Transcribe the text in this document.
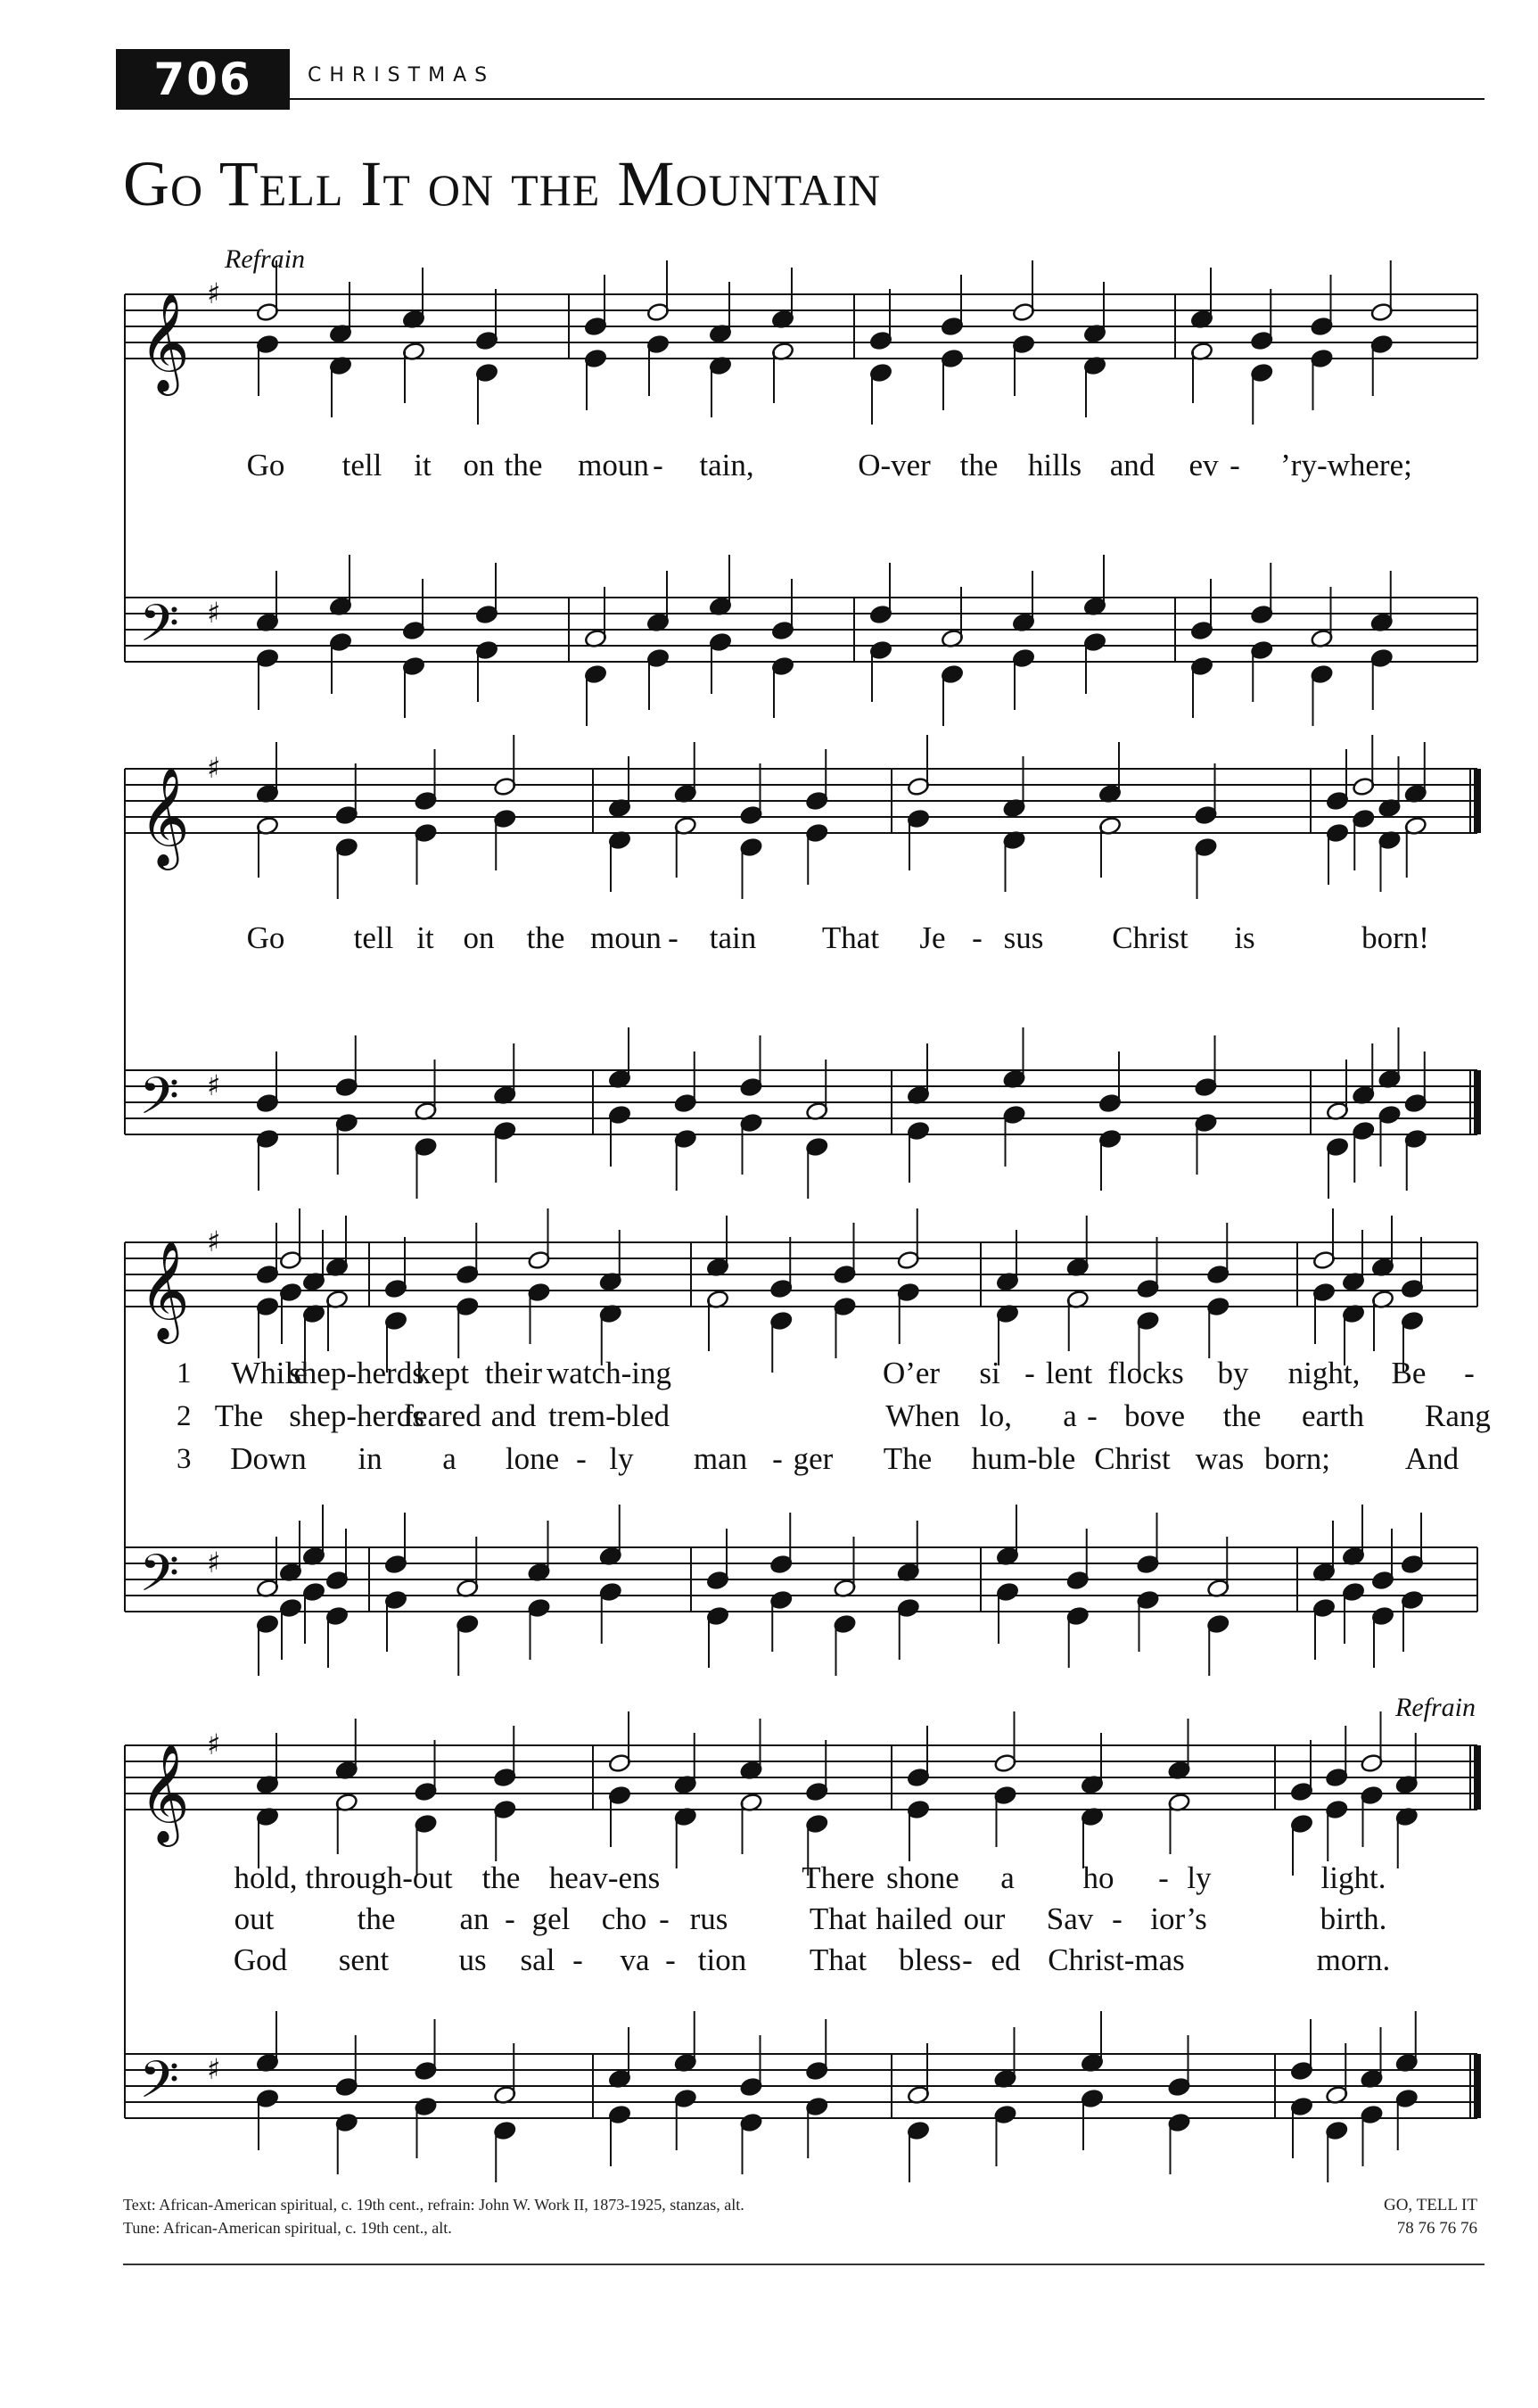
706	CHRISTMAS
Go Tell It on the Mountain
Refrain
Refrain
𝄞
𝄢
♯
♯
𝄞
𝄢
♯
♯
𝄞
𝄢
♯
♯
𝄞
𝄢
♯
♯
Go tell it on the moun - tain,	O-ver the hills and ev - ’ry-where;
Go tell it on the moun - tain That Je - sus Christ is	born!
While
shep-herds
kept their watch-ing	O’er si - lent flocks by night, Be -
The shep-herds
feared and trem-bled	When lo, a - bove the earth Rang
Down in a lone - ly man - ger The hum-ble Christ was born; And
hold, through-out the heav-ens	There shone a ho - ly	light.
out	the an - gel cho - rus	That hailed our Sav - ior’s	birth.
God sent us sal - va - tion That bless - ed Christ-mas	morn.
1
2
3
Text: African-American spiritual, c. 19th cent., refrain: John W. Work II, 1873-1925, stanzas, alt.
Tune: African-American spiritual, c. 19th cent., alt.
GO, TELL IT
78 76 76 76
